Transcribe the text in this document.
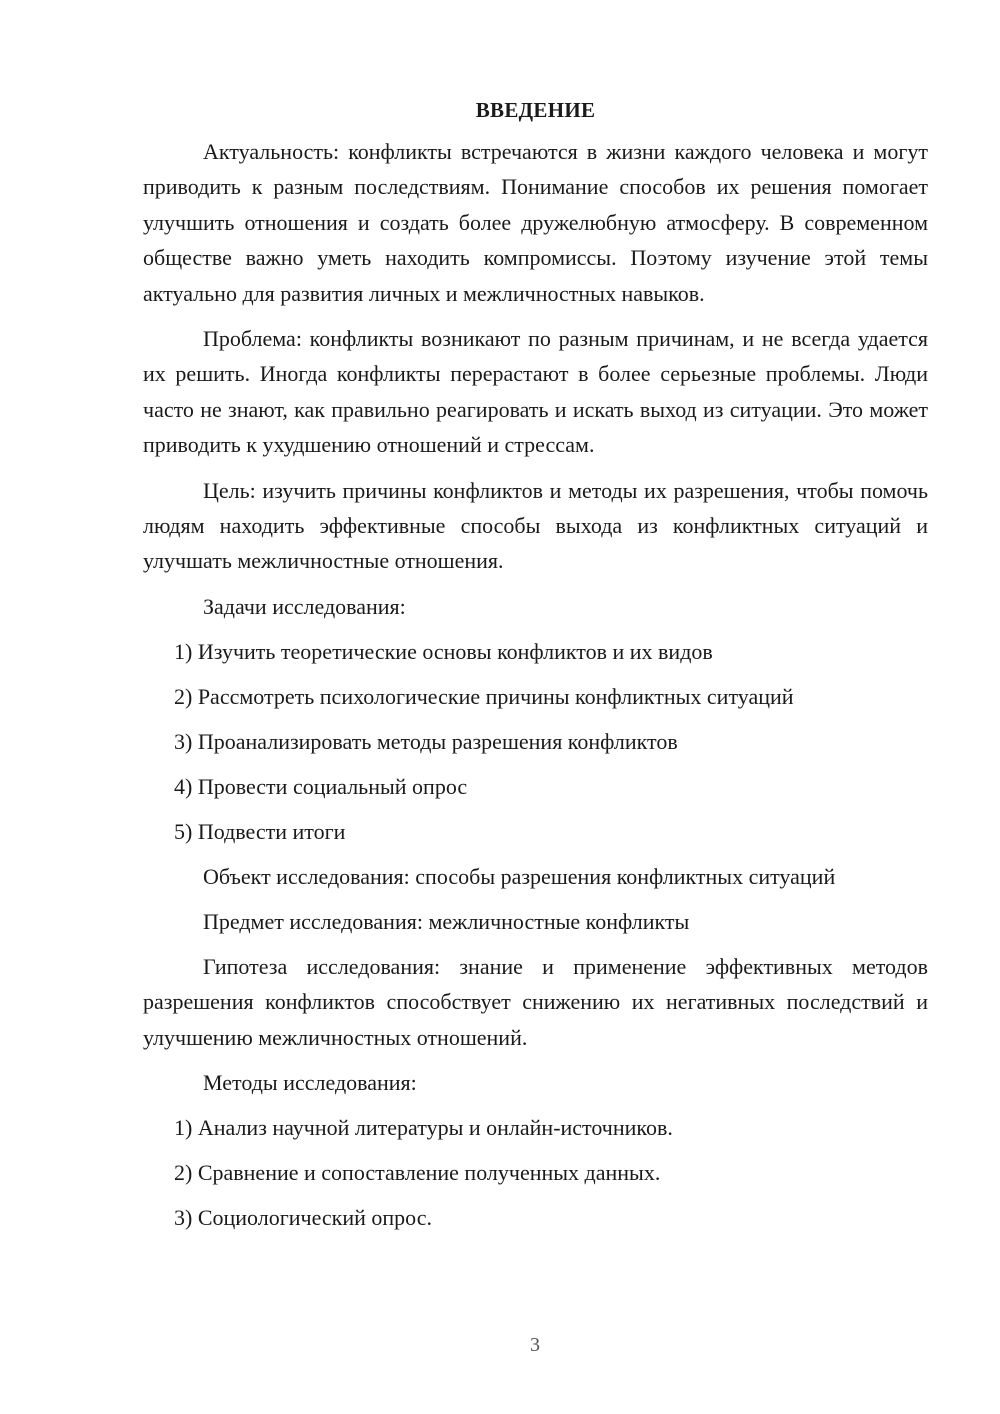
ВВЕДЕНИЕ
Актуальность: конфликты встречаются в жизни каждого человека и могут приводить к разным последствиям. Понимание способов их решения помогает улучшить отношения и создать более дружелюбную атмосферу. В современном обществе важно уметь находить компромиссы. Поэтому изучение этой темы актуально для развития личных и межличностных навыков.
Проблема: конфликты возникают по разным причинам, и не всегда удается их решить. Иногда конфликты перерастают в более серьезные проблемы. Люди часто не знают, как правильно реагировать и искать выход из ситуации. Это может приводить к ухудшению отношений и стрессам.
Цель: изучить причины конфликтов и методы их разрешения, чтобы помочь людям находить эффективные способы выхода из конфликтных ситуаций и улучшать межличностные отношения.
Задачи исследования:
1) Изучить теоретические основы конфликтов и их видов
2) Рассмотреть психологические причины конфликтных ситуаций
3) Проанализировать методы разрешения конфликтов
4) Провести социальный опрос
5) Подвести итоги
Объект исследования: способы разрешения конфликтных ситуаций
Предмет исследования: межличностные конфликты
Гипотеза исследования: знание и применение эффективных методов разрешения конфликтов способствует снижению их негативных последствий и улучшению межличностных отношений.
Методы исследования:
1) Анализ научной литературы и онлайн-источников.
2) Сравнение и сопоставление полученных данных.
3) Социологический опрос.
3
